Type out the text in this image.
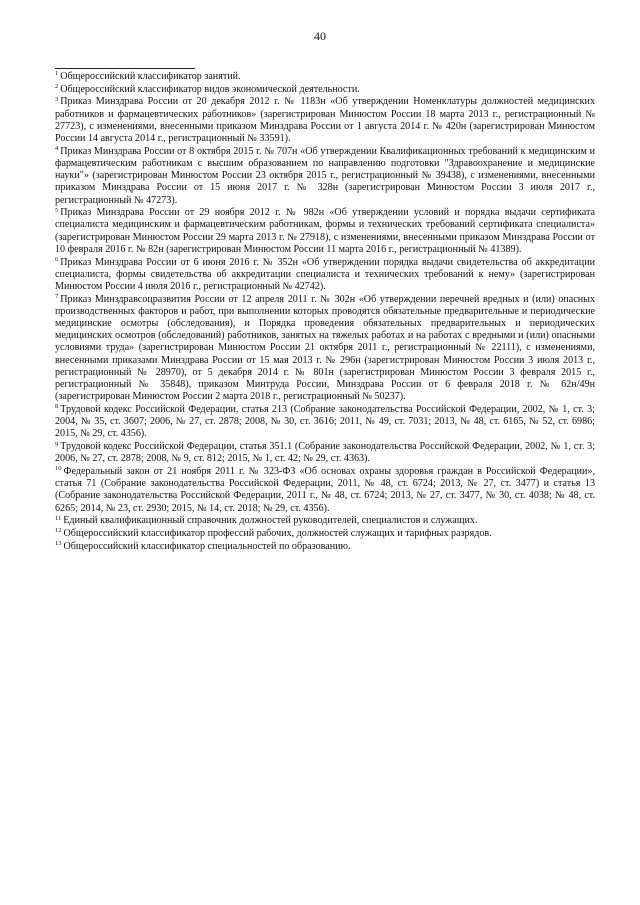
40

$^1$ Общероссийский классификатор занятий.

$^2$ Общероссийский классификатор видов экономической деятельности.

$^3$ Приказ Минздрава России от 20 декабря 2012 г. № 1183н «Об утверждении Номенклатуры должностей медицинских работников и фармацевтических работников» (зарегистрирован Минюстом России 18 марта 2013 г., регистрационный № 27723), с изменениями, внесенными приказом Минздрава России от 1 августа 2014 г. № 420н (зарегистрирован Минюстом России 14 августа 2014 г., регистрационный № 33591).

$^4$ Приказ Минздрава России от 8 октября 2015 г. № 707н «Об утверждении Квалификационных требований к медицинским и фармацевтическим работникам с высшим образованием по направлению подготовки "Здравоохранение и медицинские науки"» (зарегистрирован Минюстом России 23 октября 2015 г., регистрационный № 39438), с изменениями, внесенными приказом Минздрава России от 15 июня 2017 г. № 328н (зарегистрирован Минюстом России 3 июля 2017 г., регистрационный № 47273).

$^5$ Приказ Минздрава России от 29 ноября 2012 г. № 982н «Об утверждении условий и порядка выдачи сертификата специалиста медицинским и фармацевтическим работникам, формы и технических требований сертификата специалиста» (зарегистрирован Минюстом России 29 марта 2013 г. № 27918), с изменениями, внесенными приказом Минздрава России от 10 февраля 2016 г. № 82н (зарегистрирован Минюстом России 11 марта 2016 г., регистрационный № 41389).

$^6$ Приказ Минздрава России от 6 июня 2016 г. № 352н «Об утверждении порядка выдачи свидетельства об аккредитации специалиста, формы свидетельства об аккредитации специалиста и технических требований к нему» (зарегистрирован Минюстом России 4 июля 2016 г., регистрационный № 42742).

$^7$ Приказ Минздравсоцразвития России от 12 апреля 2011 г. № 302н «Об утверждении перечней вредных и (или) опасных производственных факторов и работ, при выполнении которых проводятся обязательные предварительные и периодические медицинские осмотры (обследования), и Порядка проведения обязательных предварительных и периодических медицинских осмотров (обследований) работников, занятых на тяжелых работах и на работах с вредными и (или) опасными условиями труда» (зарегистрирован Минюстом России 21 октября 2011 г., регистрационный № 22111), с изменениями, внесенными приказами Минздрава России от 15 мая 2013 г. № 296н (зарегистрирован Минюстом России 3 июля 2013 г., регистрационный № 28970), от 5 декабря 2014 г. № 801н (зарегистрирован Минюстом России 3 февраля 2015 г., регистрационный № 35848), приказом Минтруда России, Минздрава России от 6 февраля 2018 г. № 62н/49н (зарегистрирован Минюстом России 2 марта 2018 г., регистрационный № 50237).

$^8$ Трудовой кодекс Российской Федерации, статья 213 (Собрание законодательства Российской Федерации, 2002, № 1, ст. 3; 2004, № 35, ст. 3607; 2006, № 27, ст. 2878; 2008, № 30, ст. 3616; 2011, № 49, ст. 7031; 2013, № 48, ст. 6165, № 52, ст. 6986; 2015, № 29, ст. 4356).

$^9$ Трудовой кодекс Российской Федерации, статья 351.1 (Собрание законодательства Российской Федерации, 2002, № 1, ст. 3; 2006, № 27, ст. 2878; 2008, № 9, ст. 812; 2015, № 1, ст. 42; № 29, ст. 4363).

$^{10}$ Федеральный закон от 21 ноября 2011 г. № 323-ФЗ «Об основах охраны здоровья граждан в Российской Федерации», статья 71 (Собрание законодательства Российской Федерации, 2011, № 48, ст. 6724; 2013, № 27, ст. 3477) и статья 13 (Собрание законодательства Российской Федерации, 2011 г., № 48, ст. 6724; 2013, № 27, ст. 3477, № 30, ст. 4038; № 48, ст. 6265; 2014, № 23, ст. 2930; 2015, № 14, ст. 2018; № 29, ст. 4356).

$^{11}$ Единый квалификационный справочник должностей руководителей, специалистов и служащих.

$^{12}$ Общероссийский классификатор профессий рабочих, должностей служащих и тарифных разрядов.

$^{13}$ Общероссийский классификатор специальностей по образованию.
